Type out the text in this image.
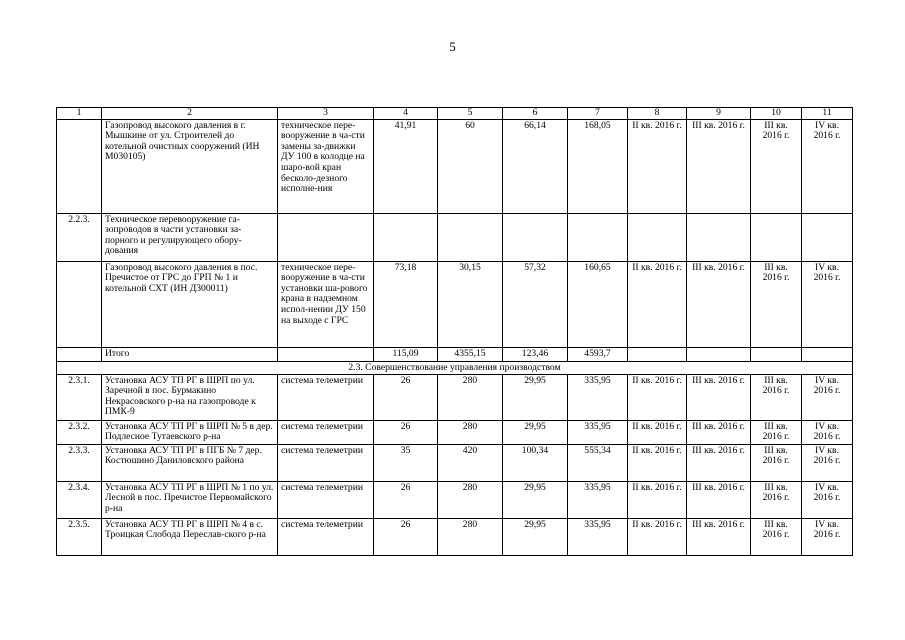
5
1	2	3	4	5	6	7	8	9	10	11
	Газопровод высокого давления в г. Мышкине от ул. Строителей до котельной очистных сооружений (ИН М030105)	техническое пере-вооружение в ча-сти замены за-движки ДУ 100 в колодце на шаро-вой кран бесколо-дезного исполне-ния	41,91	60	66,14	168,05	II кв. 2016 г.	III кв. 2016 г.	III кв. 2016 г.	IV кв. 2016 г.
2.2.3.	Техническое перевооружение га-зопроводов в части установки за-порного и регулирующего обору-дования									
	Газопровод высокого давления в пос. Пречистое от ГРС до ГРП № 1 и котельной СХТ (ИН Д300011)	техническое пере-вооружение в ча-сти установки ша-рового крана в надземном испол-нении ДУ 150 на выходе с ГРС	73,18	30,15	57,32	160,65	II кв. 2016 г.	III кв. 2016 г.	III кв. 2016 г.	IV кв. 2016 г.
	Итого		115,09	4355,15	123,46	4593,7				
2.3. Совершенствование управления производством										
2.3.1.	Установка АСУ ТП РГ в ШРП по ул. Заречной в пос. Бурмакино Некрасовского р-на на газопроводе к ПМК-9	система телеметрии	26	280	29,95	335,95	II кв. 2016 г.	III кв. 2016 г.	III кв. 2016 г.	IV кв. 2016 г.
2.3.2.	Установка АСУ ТП РГ в ШРП № 5 в дер. Подлесное Тутаевского р-на	система телеметрии	26	280	29,95	335,95	II кв. 2016 г.	III кв. 2016 г.	III кв. 2016 г.	IV кв. 2016 г.
2.3.3.	Установка АСУ ТП РГ в ПГБ № 7 дер. Костюшино Даниловского района	система телеметрии	35	420	100,34	555,34	II кв. 2016 г.	III кв. 2016 г.	III кв. 2016 г.	IV кв. 2016 г.
2.3.4.	Установка АСУ ТП РГ в ШРП № 1 по ул. Лесной в пос. Пречистое Первомайского р-на	система телеметрии	26	280	29,95	335,95	II кв. 2016 г.	III кв. 2016 г.	III кв. 2016 г.	IV кв. 2016 г.
2.3.5.	Установка АСУ ТП РГ в ШРП № 4 в с. Троицкая Слобода Переслав-ского р-на	система телеметрии	26	280	29,95	335,95	II кв. 2016 г.	III кв. 2016 г.	III кв. 2016 г.	IV кв. 2016 г.
